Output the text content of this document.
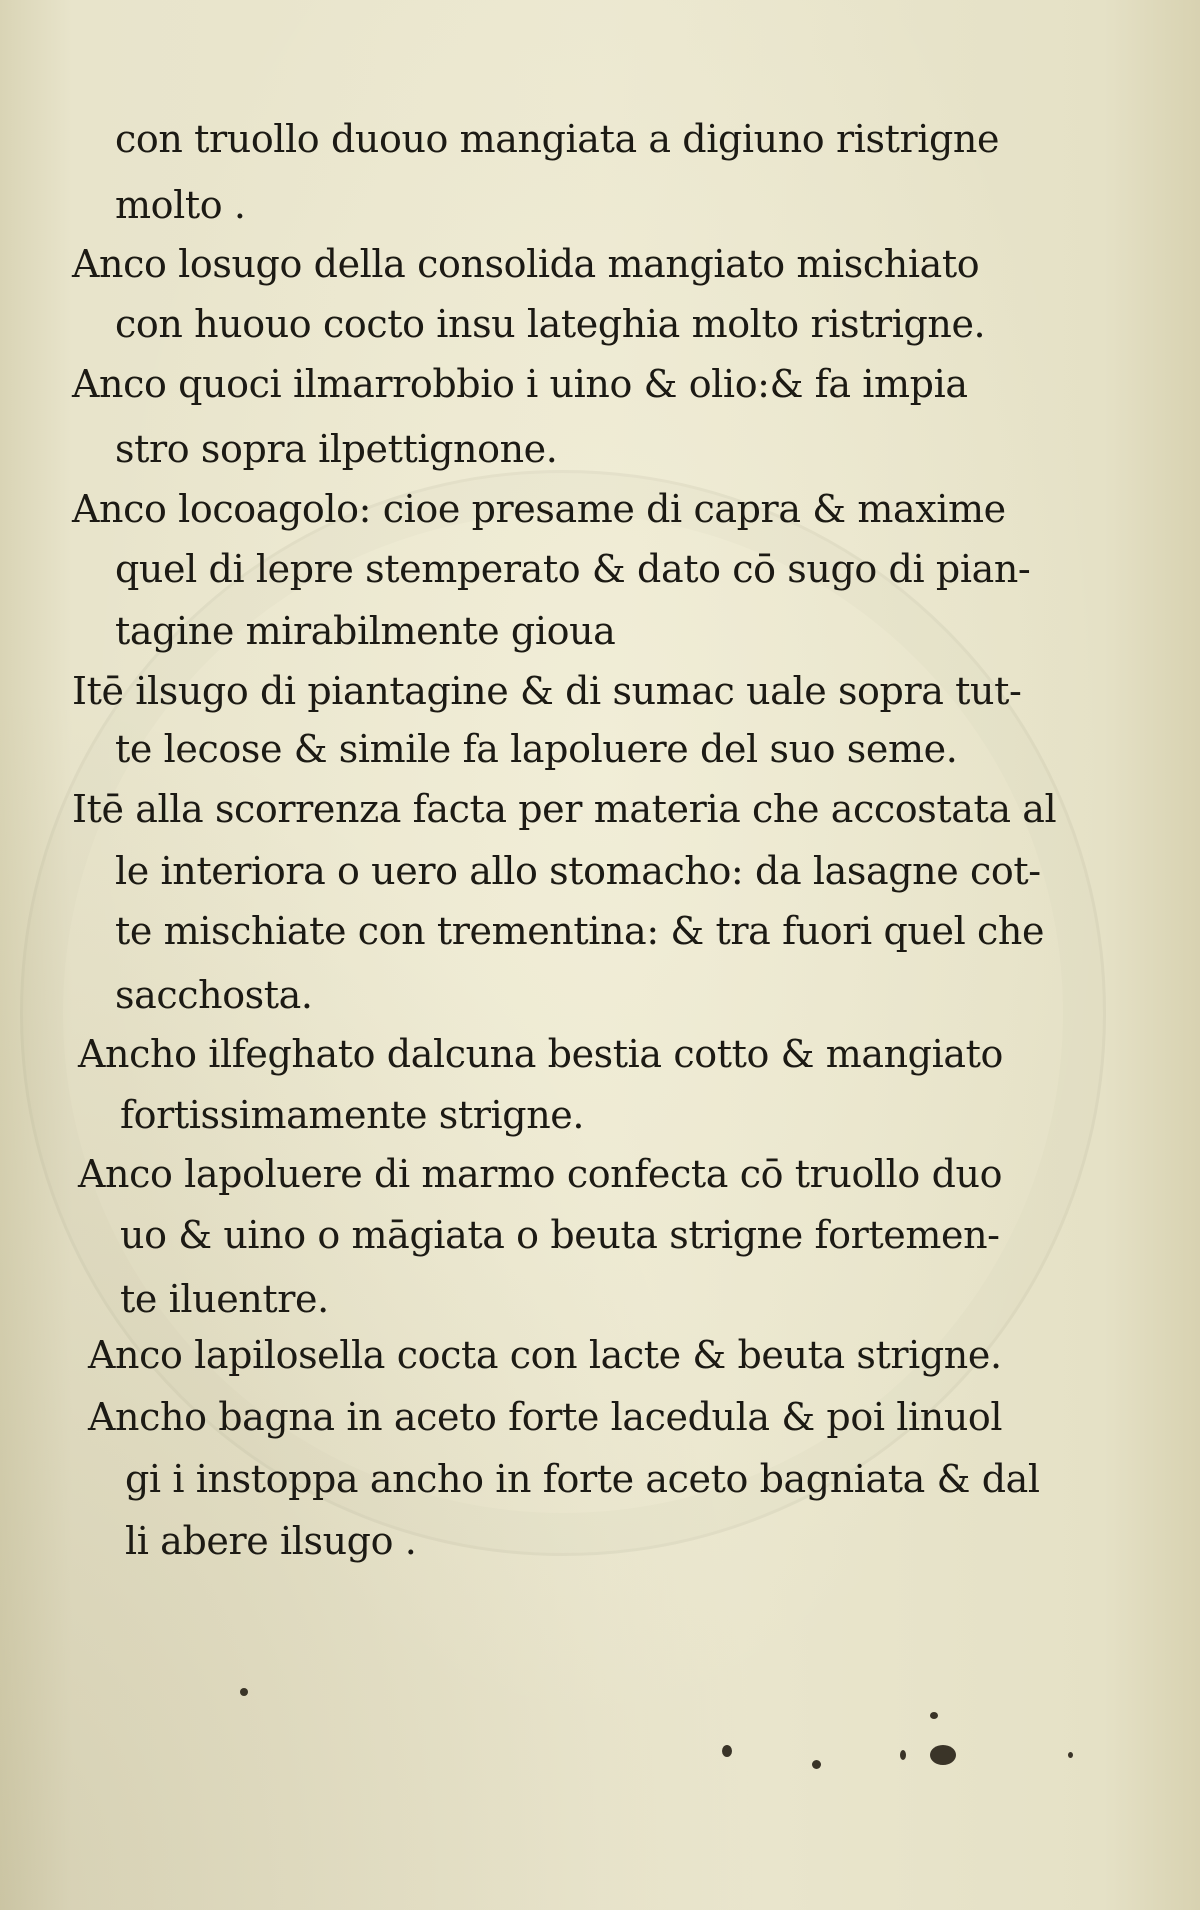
con truollo duouo mangiata a digiuno ristrigne
molto .
Anco losugo della consolida mangiato mischiato
con huouo cocto insu lateghia molto ristrigne.
Anco quoci ilmarrobbio i uino & olio:& fa impia
stro sopra ilpettignone.
Anco locoagolo: cioe presame di capra & maxime
quel di lepre stemperato & dato cō sugo di pian-
tagine mirabilmente gioua
Itē ilsugo di piantagine & di sumac uale sopra tut-
te lecose & simile fa lapoluere del suo seme.
Itē alla scorrenza facta per materia che accostata al
le interiora o uero allo stomacho: da lasagne cot-
te mischiate con trementina: & tra fuori quel che
sacchosta.
Ancho ilfeghato dalcuna bestia cotto & mangiato
fortissimamente strigne.
Anco lapoluere di marmo confecta cō truollo duo
uo & uino o māgiata o beuta strigne fortemen-
te iluentre.
Anco lapilosella cocta con lacte & beuta strigne.
Ancho bagna in aceto forte lacedula & poi linuol
gi i instoppa ancho in forte aceto bagniata & dal
li abere ilsugo .
